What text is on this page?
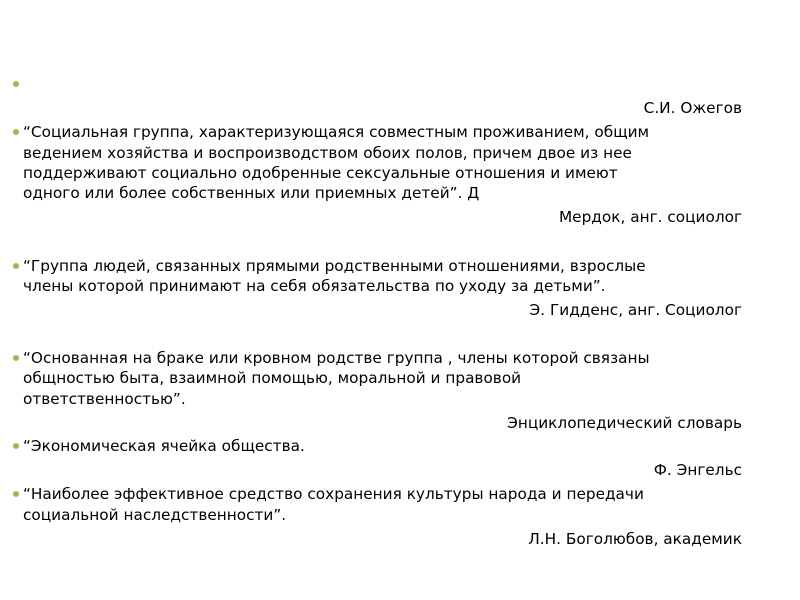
С.И. Ожегов
“Социальная группа, характеризующаяся совместным проживанием, общим
ведением хозяйства и воспроизводством обоих полов, причем двое из нее
поддерживают социально одобренные сексуальные отношения и имеют
одного или более собственных или приемных детей”. Д
Мердок, анг. социолог
“Группа людей, связанных прямыми родственными отношениями, взрослые
члены которой принимают на себя обязательства по уходу за детьми”.
Э. Гидденс, анг. Социолог
“Основанная на браке или кровном родстве группа , члены которой связаны
общностью быта, взаимной помощью, моральной и правовой
ответственностью”.
Энциклопедический словарь
“Экономическая ячейка общества.
Ф. Энгельс
“Наиболее эффективное средство сохранения культуры народа и передачи
социальной наследственности”.
Л.Н. Боголюбов, академик
